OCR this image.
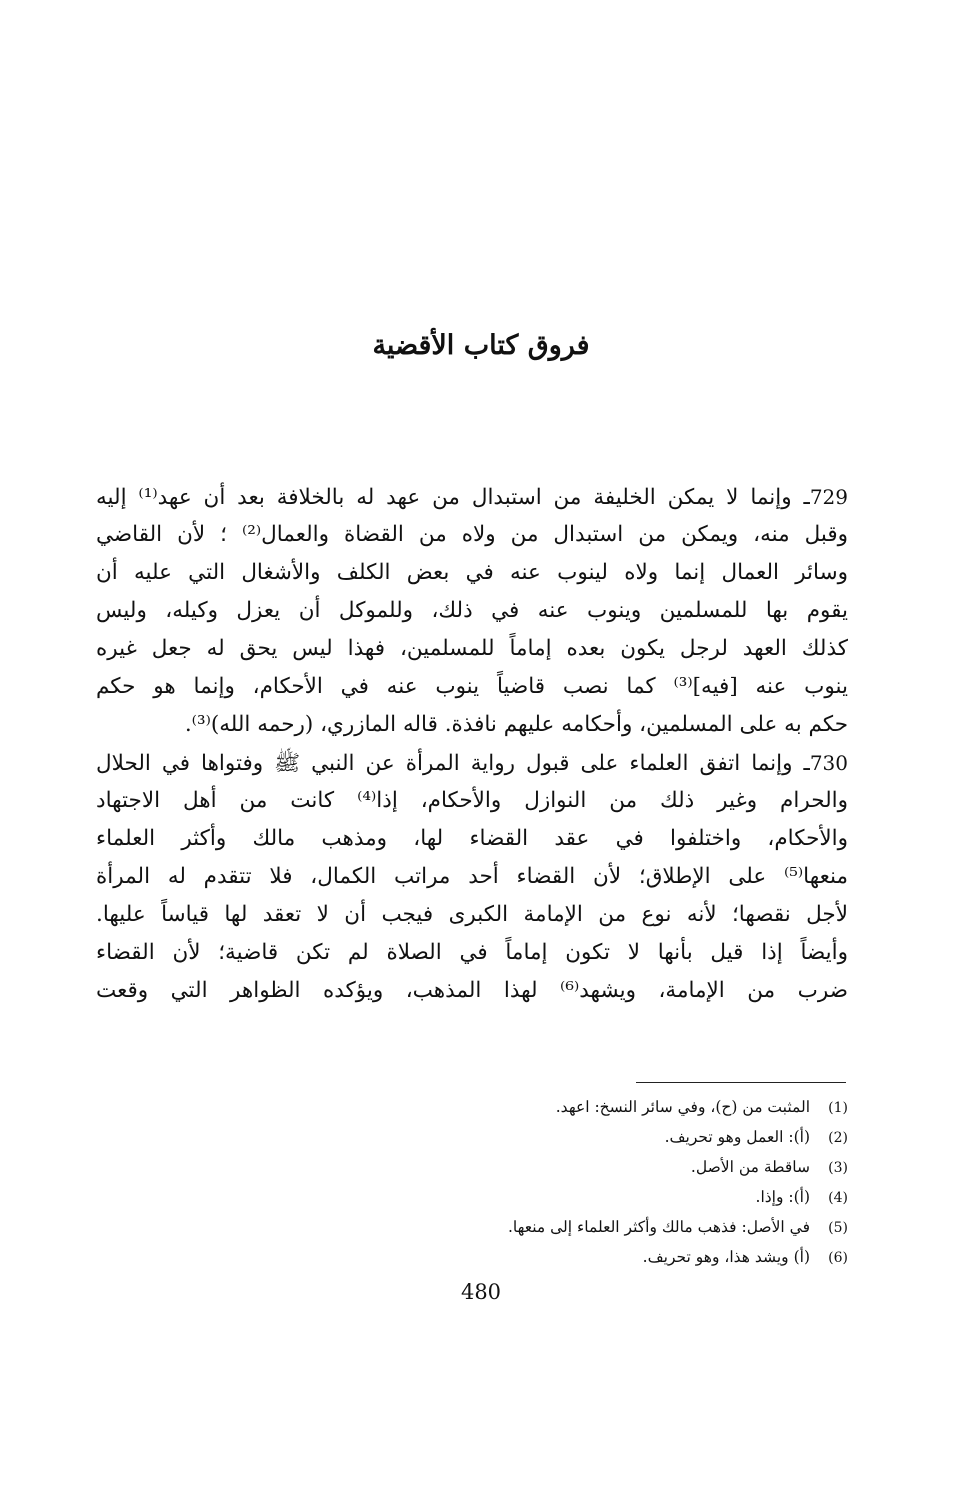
فروق كتاب الأقضية
729ـ وإنما لا يمكن الخليفة من استبدال من عهد له بالخلافة بعد أن عهد⁽¹⁾ إليه
وقبل منه، ويمكن من استبدال من ولاه من القضاة والعمال⁽²⁾ ؛ لأن القاضي
وسائر العمال إنما ولاه لينوب عنه في بعض الكلف والأشغال التي عليه أن
يقوم بها للمسلمين وينوب عنه في ذلك، وللموكل أن يعزل وكيله، وليس
كذلك العهد لرجل يكون بعده إماماً للمسلمين، فهذا ليس يحق له جعل غيره
ينوب عنه [فيه]⁽³⁾ كما نصب قاضياً ينوب عنه في الأحكام، وإنما هو حكم
حكم به على المسلمين، وأحكامه عليهم نافذة. قاله المازري، (رحمه الله)⁽³⁾.
730ـ وإنما اتفق العلماء على قبول رواية المرأة عن النبي ﷺ وفتواها في الحلال
والحرام وغير ذلك من النوازل والأحكام، إذا⁽⁴⁾ كانت من أهل الاجتهاد
والأحكام، واختلفوا في عقد القضاء لها، ومذهب مالك وأكثر العلماء
منعها⁽⁵⁾ على الإطلاق؛ لأن القضاء أحد مراتب الكمال، فلا تتقدم له المرأة
لأجل نقصها؛ لأنه نوع من الإمامة الكبرى فيجب أن لا تعقد لها قياساً عليها.
وأيضاً إذا قيل بأنها لا تكون إماماً في الصلاة لم تكن قاضية؛ لأن القضاء
ضرب من الإمامة، ويشهد⁽⁶⁾ لهذا المذهب، ويؤكده الظواهر التي وقعت
(1)المثبت من (ح)، وفي سائر النسخ: اعهد.
(2)(أ): العمل وهو تحريف.
(3)ساقطة من الأصل.
(4)(أ): وإذا.
(5)في الأصل: فذهب مالك وأكثر العلماء إلى منعها.
(6)(أ) ويشد هذا، وهو تحريف.
480
